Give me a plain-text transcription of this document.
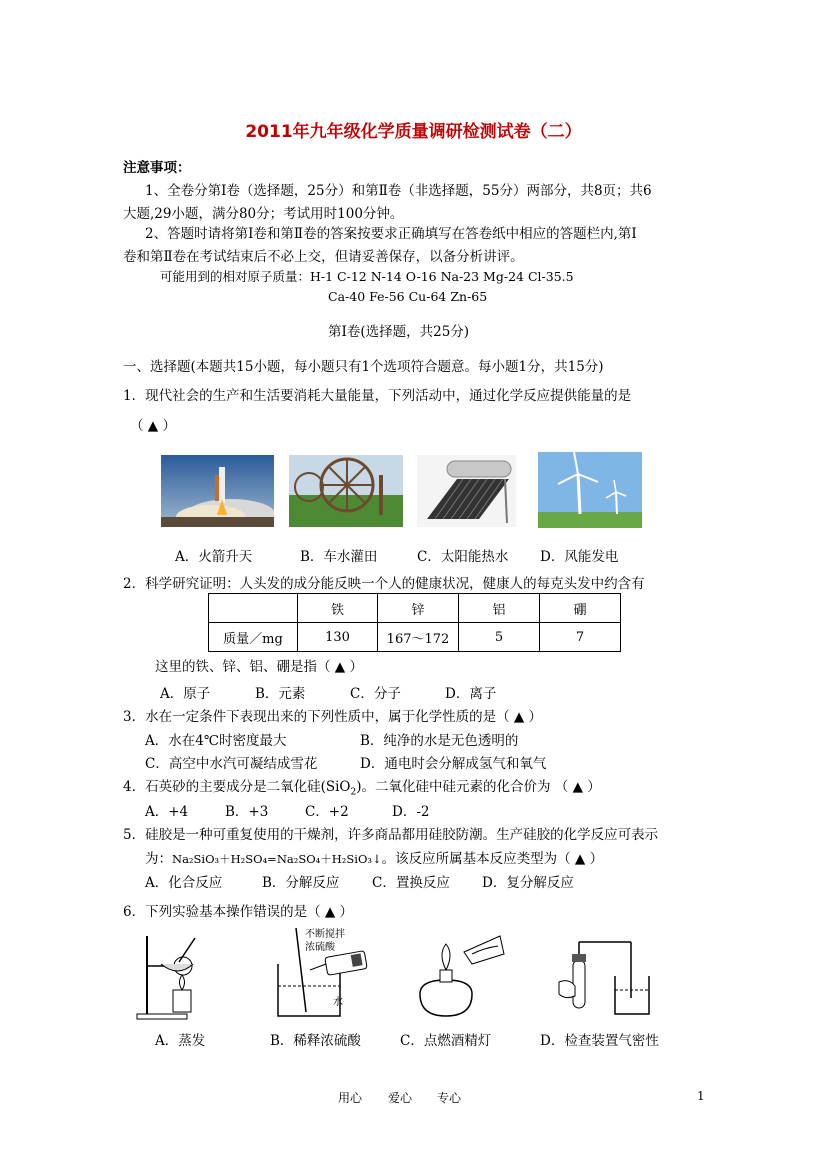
2011年九年级化学质量调研检测试卷（二）
注意事项：
1、全卷分第Ⅰ卷（选择题，25分）和第Ⅱ卷（非选择题，55分）两部分，共8页；共6
大题,29小题，满分80分；考试用时100分钟。
2、答题时请将第Ⅰ卷和第Ⅱ卷的答案按要求正确填写在答卷纸中相应的答题栏内,第Ⅰ
卷和第Ⅱ卷在考试结束后不必上交，但请妥善保存，以备分析讲评。
可能用到的相对原子质量：H-1 C-12 N-14 O-16 Na-23 Mg-24 Cl-35.5
Ca-40 Fe-56 Cu-64 Zn-65
第Ⅰ卷(选择题，共25分)
一、选择题(本题共15小题，每小题只有1个选项符合题意。每小题1分，共15分)
1．现代社会的生产和生活要消耗大量能量，下列活动中，通过化学反应提供能量的是
（ ▲ ）
A．火箭升天	B．车水灌田	C．太阳能热水 D．风能发电
2．科学研究证明：人头发的成分能反映一个人的健康状况，健康人的每克头发中约含有
	铁	锌	铝	硼
质量／mg	130	167～172	5	7
这里的铁、锌、铝、硼是指（ ▲ ）
A．原子	B．元素	C．分子	D．离子
3．水在一定条件下表现出来的下列性质中，属于化学性质的是（ ▲ ）
A．水在4℃时密度最大	B．纯净的水是无色透明的
C．高空中水汽可凝结成雪花	D．通电时会分解成氢气和氧气
4．石英砂的主要成分是二氧化硅(SiO$_2$)。二氧化硅中硅元素的化合价为 （ ▲ ）
A．+4	B．+3	C．+2	D．-2
5．硅胶是一种可重复使用的干燥剂，许多商品都用硅胶防潮。生产硅胶的化学反应可表示
为：Na₂SiO₃＋H₂SO₄=Na₂SO₄＋H₂SiO₃↓。该反应所属基本反应类型为（ ▲ ）
A．化合反应	B．分解反应 C．置换反应 D．复分解反应
6．下列实验基本操作错误的是（ ▲ ）
不断搅拌
浓硫酸
水
A．蒸发	B．稀释浓硫酸	C．点燃酒精灯	D．检查装置气密性
用心 爱心 专心	1
